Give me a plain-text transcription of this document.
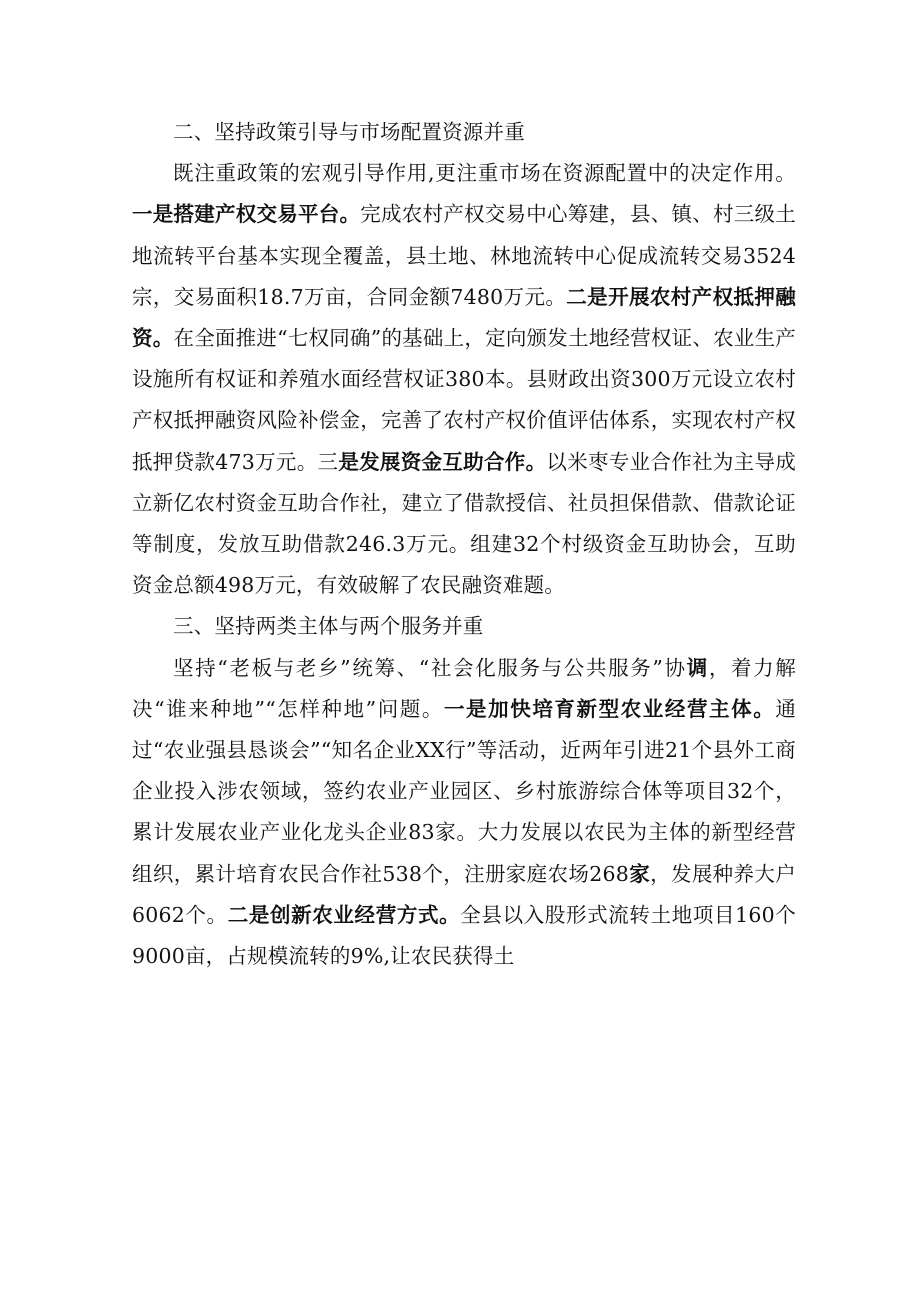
二、坚持政策引导与市场配置资源并重

既注重政策的宏观引导作用,更注重市场在资源配置中的决定作用。一是搭建产权交易平台。完成农村产权交易中心筹建，县、镇、村三级土地流转平台基本实现全覆盖，县土地、林地流转中心促成流转交易3524宗，交易面积18.7万亩，合同金额7480万元。二是开展农村产权抵押融资。在全面推进“七权同确”的基础上，定向颁发土地经营权证、农业生产设施所有权证和养殖水面经营权证380本。县财政出资300万元设立农村产权抵押融资风险补偿金，完善了农村产权价值评估体系，实现农村产权抵押贷款473万元。三是发展资金互助合作。以米枣专业合作社为主导成立新亿农村资金互助合作社，建立了借款授信、社员担保借款、借款论证等制度，发放互助借款246.3万元。组建32个村级资金互助协会，互助资金总额498万元，有效破解了农民融资难题。

三、坚持两类主体与两个服务并重

坚持“老板与老乡”统筹、“社会化服务与公共服务”协调，着力解决“谁来种地”“怎样种地”问题。一是加快培育新型农业经营主体。通过“农业强县恳谈会”“知名企业XX行”等活动，近两年引进21个县外工商企业投入涉农领域，签约农业产业园区、乡村旅游综合体等项目32个，累计发展农业产业化龙头企业83家。大力发展以农民为主体的新型经营组织，累计培育农民合作社538个，注册家庭农场268家，发展种养大户6062个。二是创新农业经营方式。全县以入股形式流转土地项目160个9000亩，占规模流转的9%,让农民获得土
